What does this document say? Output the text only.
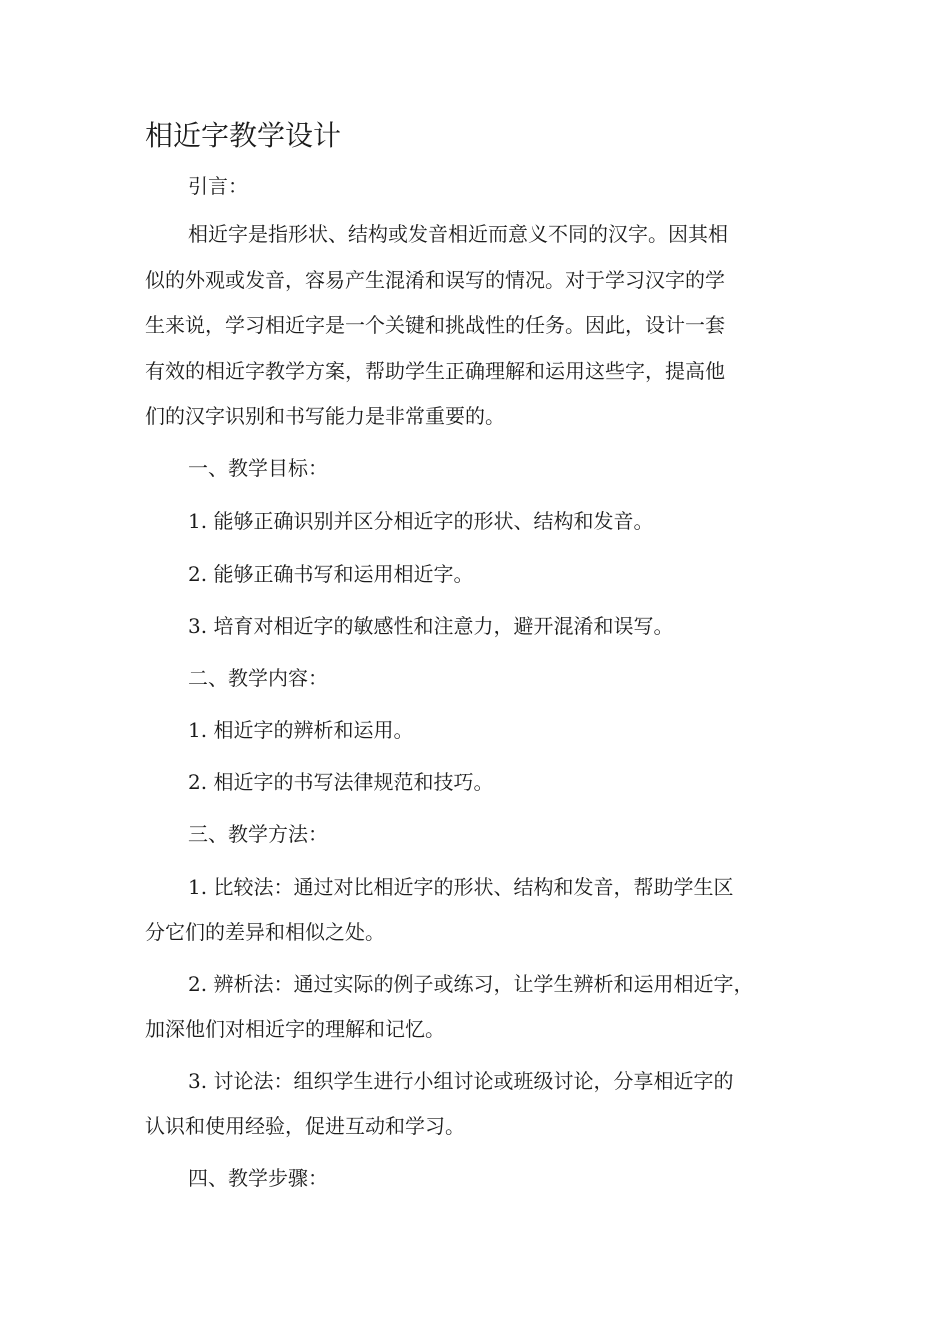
相近字教学设计

引言：

相近字是指形状、结构或发音相近而意义不同的汉字。因其相

似的外观或发音，容易产生混淆和误写的情况。对于学习汉字的学

生来说，学习相近字是一个关键和挑战性的任务。因此，设计一套

有效的相近字教学方案，帮助学生正确理解和运用这些字，提高他

们的汉字识别和书写能力是非常重要的。

一、教学目标：

1. 能够正确识别并区分相近字的形状、结构和发音。

2. 能够正确书写和运用相近字。

3. 培育对相近字的敏感性和注意力，避开混淆和误写。

二、教学内容：

1. 相近字的辨析和运用。

2. 相近字的书写法律规范和技巧。

三、教学方法：

1. 比较法：通过对比相近字的形状、结构和发音，帮助学生区

分它们的差异和相似之处。

2. 辨析法：通过实际的例子或练习，让学生辨析和运用相近字，

加深他们对相近字的理解和记忆。

3. 讨论法：组织学生进行小组讨论或班级讨论，分享相近字的

认识和使用经验，促进互动和学习。

四、教学步骤：
